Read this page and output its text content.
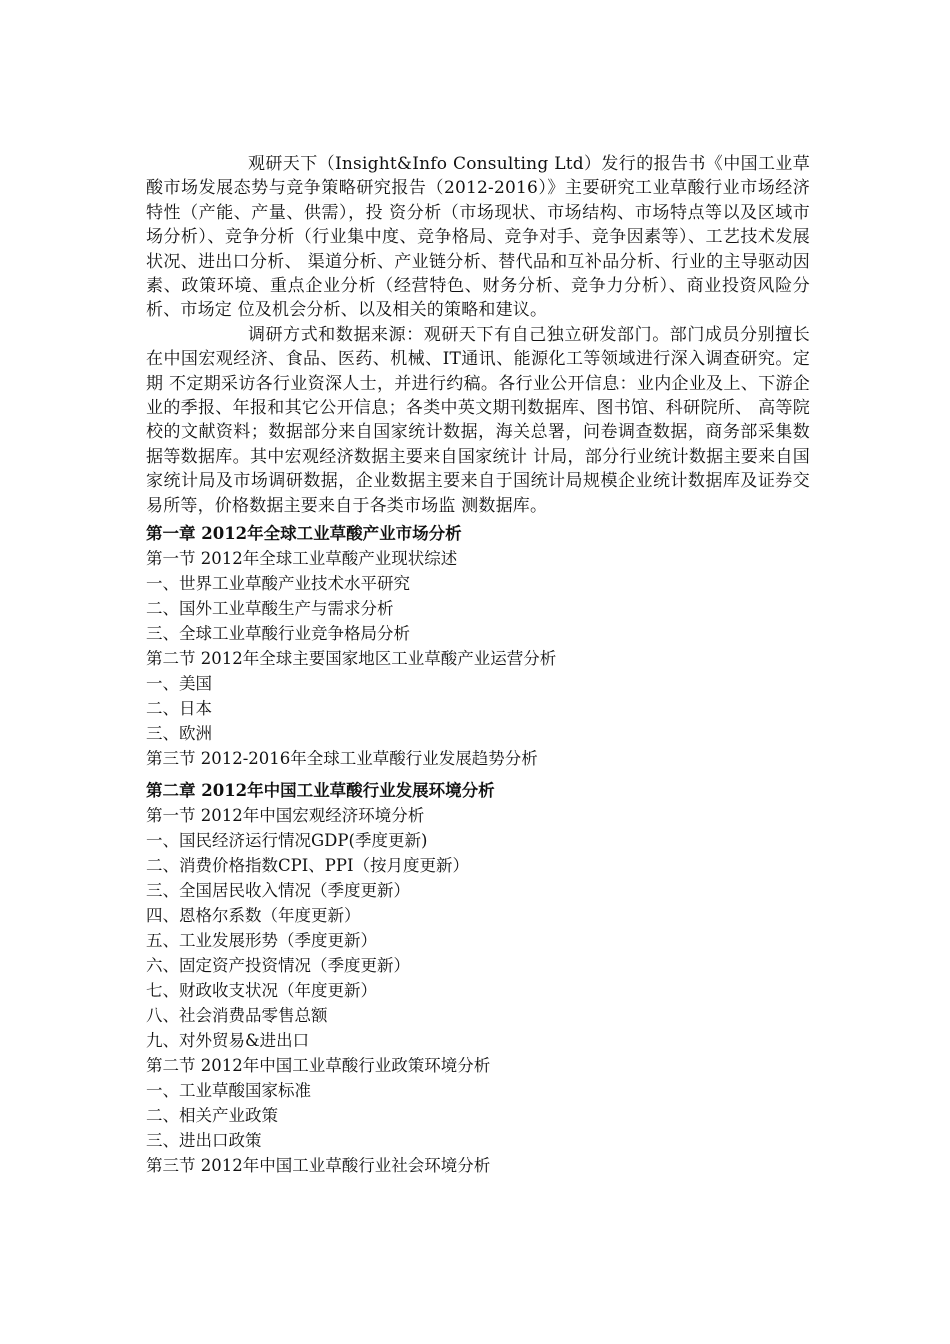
观研天下（Insight&Info Consulting Ltd）发行的报告书《中国工业草酸市场发展态势与竞争策略研究报告（2012-2016）》主要研究工业草酸行业市场经济特性（产能、产量、供需），投 资分析（市场现状、市场结构、市场特点等以及区域市场分析）、竞争分析（行业集中度、竞争格局、竞争对手、竞争因素等）、工艺技术发展状况、进出口分析、 渠道分析、产业链分析、替代品和互补品分析、行业的主导驱动因素、政策环境、重点企业分析（经营特色、财务分析、竞争力分析）、商业投资风险分析、市场定 位及机会分析、以及相关的策略和建议。

调研方式和数据来源：观研天下有自己独立研发部门。部门成员分别擅长在中国宏观经济、食品、医药、机械、IT通讯、能源化工等领域进行深入调查研究。定期 不定期采访各行业资深人士，并进行约稿。各行业公开信息：业内企业及上、下游企业的季报、年报和其它公开信息；各类中英文期刊数据库、图书馆、科研院所、 高等院校的文献资料；数据部分来自国家统计数据，海关总署，问卷调查数据，商务部采集数据等数据库。其中宏观经济数据主要来自国家统计 计局，部分行业统计数据主要来自国家统计局及市场调研数据，企业数据主要来自于国统计局规模企业统计数据库及证券交易所等，价格数据主要来自于各类市场监 测数据库。

第一章 2012年全球工业草酸产业市场分析
第一节 2012年全球工业草酸产业现状综述
一、世界工业草酸产业技术水平研究
二、国外工业草酸生产与需求分析
三、全球工业草酸行业竞争格局分析
第二节 2012年全球主要国家地区工业草酸产业运营分析
一、美国
二、日本
三、欧洲
第三节 2012-2016年全球工业草酸行业发展趋势分析
第二章 2012年中国工业草酸行业发展环境分析
第一节 2012年中国宏观经济环境分析
一、国民经济运行情况GDP(季度更新)
二、消费价格指数CPI、PPI（按月度更新）
三、全国居民收入情况（季度更新）
四、恩格尔系数（年度更新）
五、工业发展形势（季度更新）
六、固定资产投资情况（季度更新）
七、财政收支状况（年度更新）
八、社会消费品零售总额
九、对外贸易&进出口
第二节 2012年中国工业草酸行业政策环境分析
一、工业草酸国家标准
二、相关产业政策
三、进出口政策
第三节 2012年中国工业草酸行业社会环境分析
